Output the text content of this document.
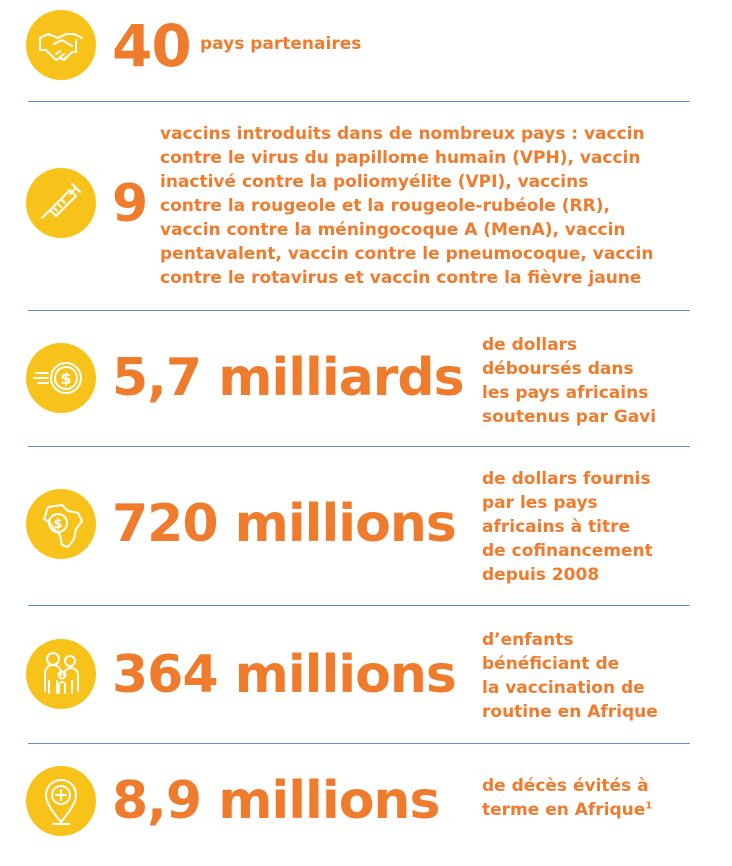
40 pays partenaires
9
vaccins introduits dans de nombreux pays : vaccin
contre le virus du papillome humain (VPH), vaccin
inactivé contre la poliomyélite (VPI), vaccins
contre la rougeole et la rougeole-rubéole (RR),
vaccin contre la méningocoque A (MenA), vaccin
pentavalent, vaccin contre le pneumocoque, vaccin
contre le rotavirus et vaccin contre la fièvre jaune
$ 5,7 milliards
de dollars
déboursés dans
les pays africains
soutenus par Gavi
$ 720 millions
de dollars fournis
par les pays
africains à titre
de cofinancement
depuis 2008
364 millions
d’enfants
bénéficiant de
la vaccination de
routine en Afrique
8,9 millions	de décès évités à
terme en Afrique$^1$
